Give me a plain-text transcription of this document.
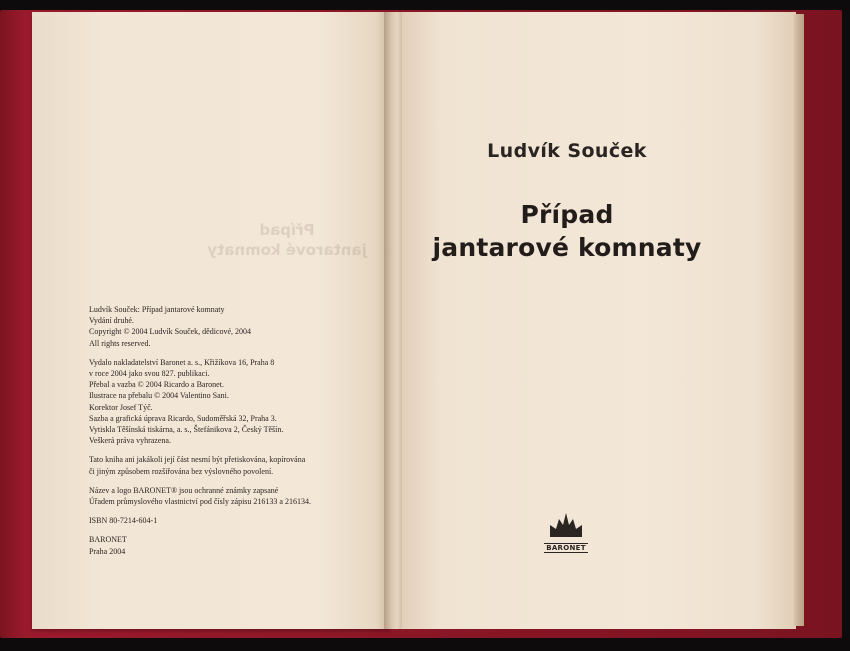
Případ
jantarové komnaty

Ludvík Souček: Případ jantarové komnaty

Vydání druhé.

Copyright © 2004 Ludvík Souček, dědicové, 2004

All rights reserved.

Vydalo nakladatelství Baronet a. s., Křižíkova 16, Praha 8

v roce 2004 jako svou 827. publikaci.

Přebal a vazba © 2004 Ricardo a Baronet.

Ilustrace na přebalu © 2004 Valentino Sani.

Korektor Josef Týč.

Sazba a grafická úprava Ricardo, Sudoměřská 32, Praha 3.

Vytiskla Těšínská tiskárna, a. s., Štefánikova 2, Český Těšín.

Veškerá práva vyhrazena.

Tato kniha ani jakákoli její část nesmí být přetiskována, kopírována

či jiným způsobem rozšiřována bez výslovného povolení.

Název a logo BARONET® jsou ochranné známky zapsané

Úřadem průmyslového vlastnictví pod čísly zápisu 216133 a 216134.

ISBN 80-7214-604-1

BARONET

Praha 2004

Ludvík Souček

Případ

jantarové komnaty

BARONET
